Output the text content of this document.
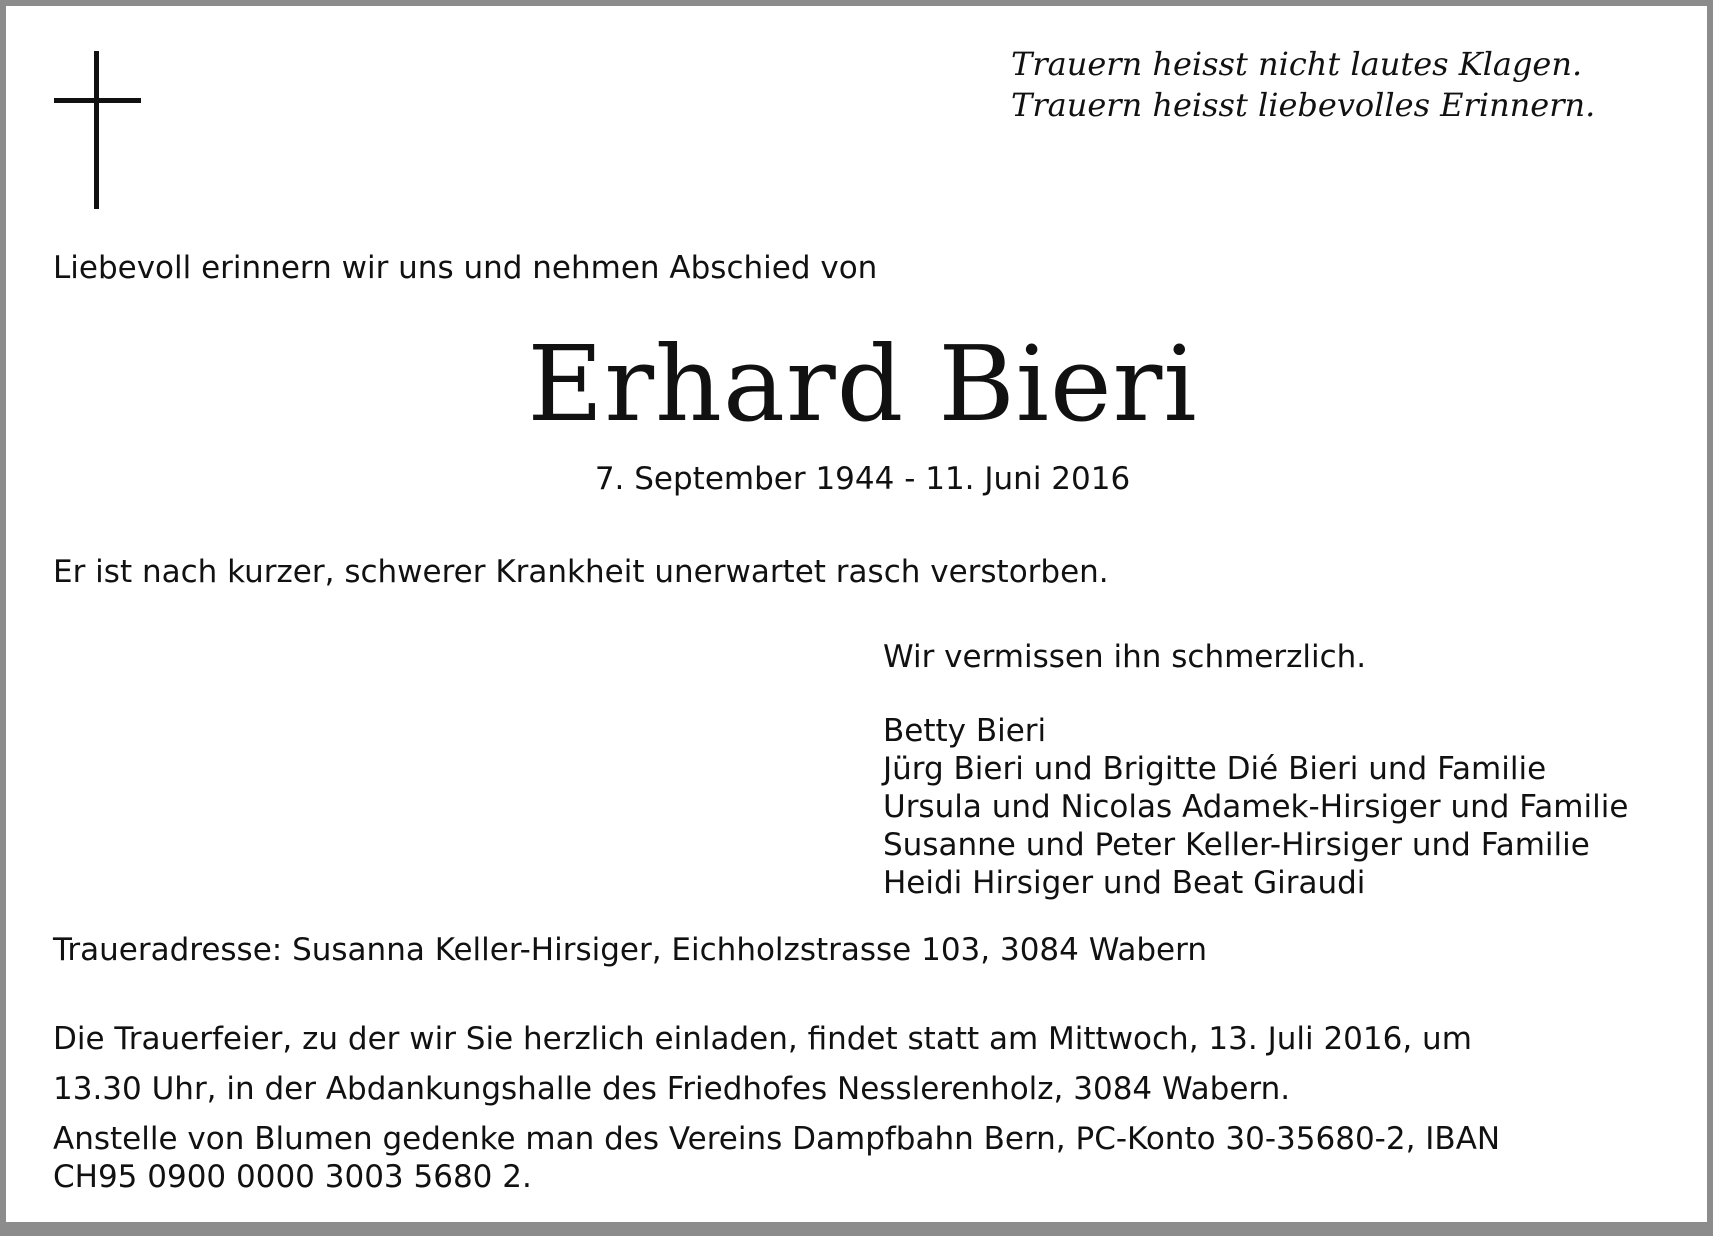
Trauern heisst nicht lautes Klagen.
Trauern heisst liebevolles Erinnern.
Liebevoll erinnern wir uns und nehmen Abschied von
Erhard Bieri
7. September 1944 - 11. Juni 2016
Er ist nach kurzer, schwerer Krankheit unerwartet rasch verstorben.
Wir vermissen ihn schmerzlich.
Betty Bieri
Jürg Bieri und Brigitte Dié Bieri und Familie
Ursula und Nicolas Adamek-Hirsiger und Familie
Susanne und Peter Keller-Hirsiger und Familie
Heidi Hirsiger und Beat Giraudi
Traueradresse: Susanna Keller-Hirsiger, Eichholzstrasse 103, 3084 Wabern
Die Trauerfeier, zu der wir Sie herzlich einladen, findet statt am Mittwoch, 13. Juli 2016, um
13.30 Uhr, in der Abdankungshalle des Friedhofes Nesslerenholz, 3084 Wabern.
Anstelle von Blumen gedenke man des Vereins Dampfbahn Bern, PC-Konto 30-35680-2, IBAN
CH95 0900 0000 3003 5680 2.
